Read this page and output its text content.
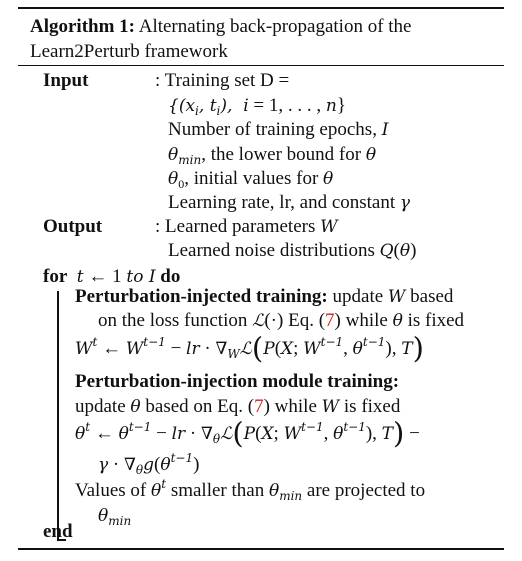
Algorithm 1: Alternating back-propagation of the Learn2Perturb framework
Input	: Training set D =
{($x_i$, $t_i$),  i = 1, . . . , n}
Number of training epochs, I
$\theta_{min}$, the lower bound for θ
$\theta_0$, initial values for θ
Learning rate, lr, and constant γ
Output	: Learned parameters W
Learned noise distributions Q(θ)
for t ← 1 to I do
Perturbation-injected training: update W based
on the loss function ℒ(·) Eq. (7) while θ is fixed
$W^t$ ← $W^{t-1}$ − lr · $\nabla_Wℒ(P(X$; $W^{t-1}$, $\theta^{t-1}$), T)
Perturbation-injection module training:
update θ based on Eq. (7) while W is fixed
$\theta^t$ ← $\theta^{t-1}$ − lr · $\nabla_\theta ℒ(P(X$; $W^{t-1}$, $\theta^{t-1}$), T) −
$\gamma \cdot \nabla_\theta g(\theta^{t-1})$
Values of $\theta^t$ smaller than $\theta_{min}$ are projected to
$\theta_{min}$
end
